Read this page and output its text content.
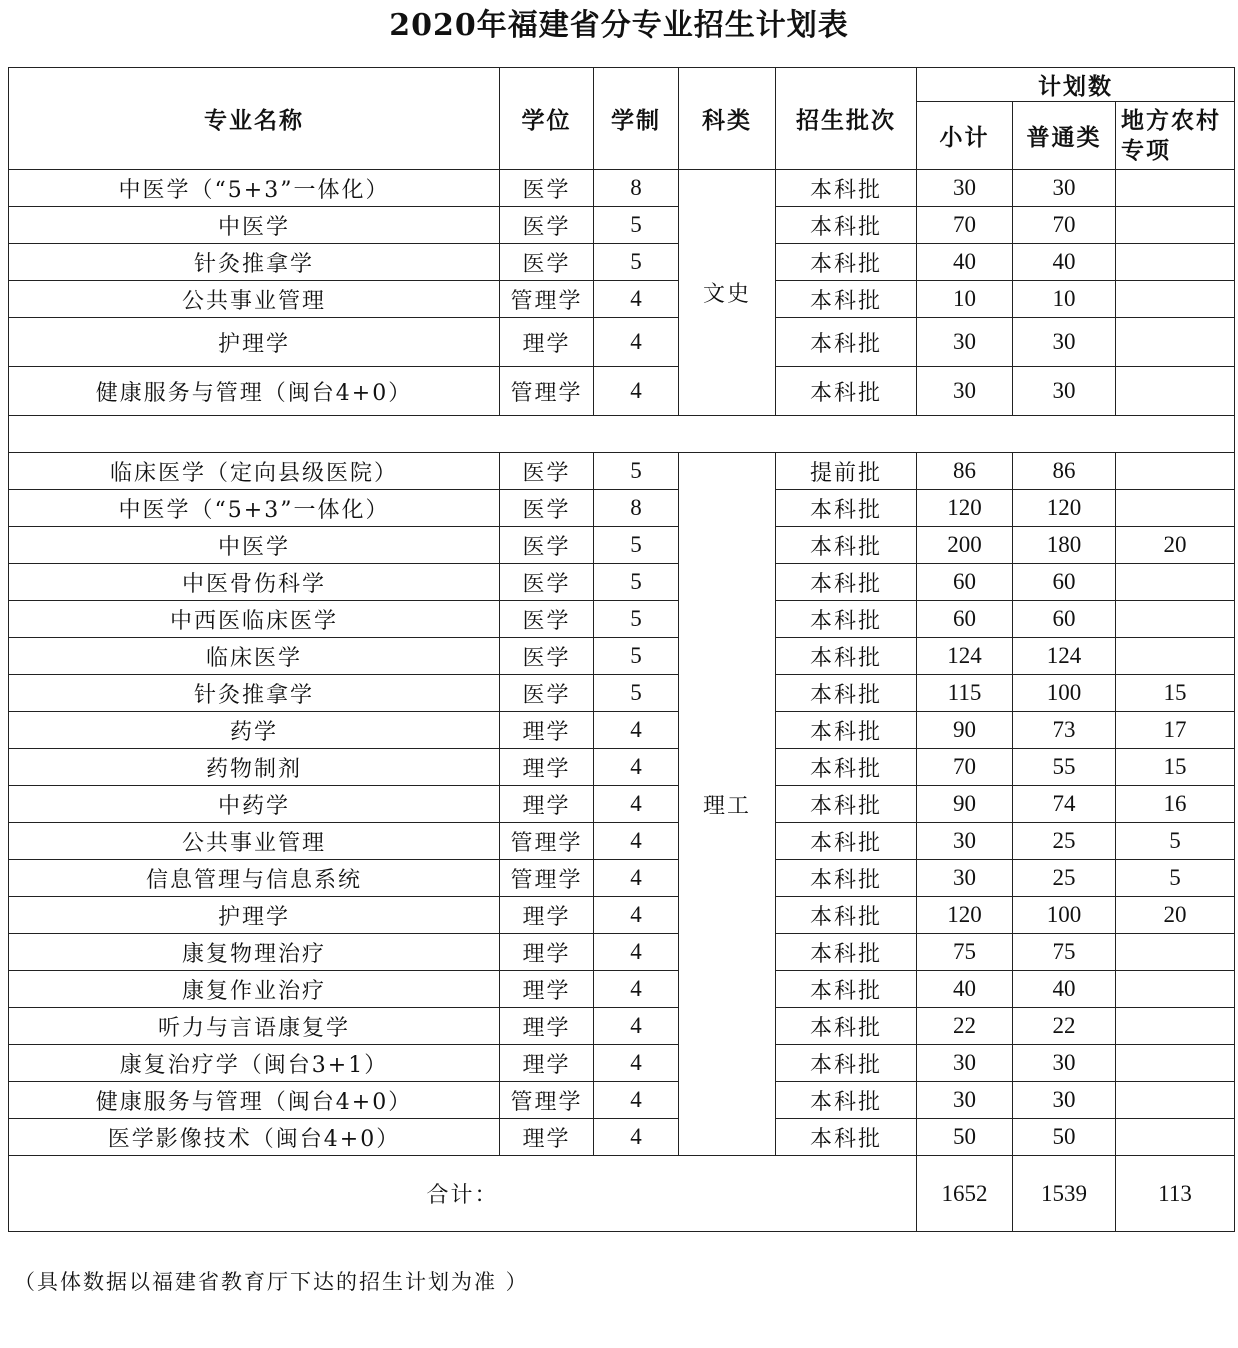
2020年福建省分专业招生计划表
专业名称	学位	学制	科类	招生批次	计划数		
					小计	普通类	地方农村专项
中医学（“5+3”一体化）	医学	8	文史	本科批	30	30	
中医学	医学	5		本科批	70	70	
针灸推拿学	医学	5		本科批	40	40	
公共事业管理	管理学	4		本科批	10	10	
护理学	理学	4		本科批	30	30	
健康服务与管理（闽台4+0）	管理学	4		本科批	30	30	

临床医学（定向县级医院）	医学	5	理工	提前批	86	86	
中医学（“5+3”一体化）	医学	8		本科批	120	120	
中医学	医学	5		本科批	200	180	20
中医骨伤科学	医学	5		本科批	60	60	
中西医临床医学	医学	5		本科批	60	60	
临床医学	医学	5		本科批	124	124	
针灸推拿学	医学	5		本科批	115	100	15
药学	理学	4		本科批	90	73	17
药物制剂	理学	4		本科批	70	55	15
中药学	理学	4		本科批	90	74	16
公共事业管理	管理学	4		本科批	30	25	5
信息管理与信息系统	管理学	4		本科批	30	25	5
护理学	理学	4		本科批	120	100	20
康复物理治疗	理学	4		本科批	75	75	
康复作业治疗	理学	4		本科批	40	40	
听力与言语康复学	理学	4		本科批	22	22	
康复治疗学（闽台3+1）	理学	4		本科批	30	30	
健康服务与管理（闽台4+0）	管理学	4		本科批	30	30	
医学影像技术（闽台4+0）	理学	4		本科批	50	50	
合计：					1652	1539	113
（具体数据以福建省教育厅下达的招生计划为准 ）
